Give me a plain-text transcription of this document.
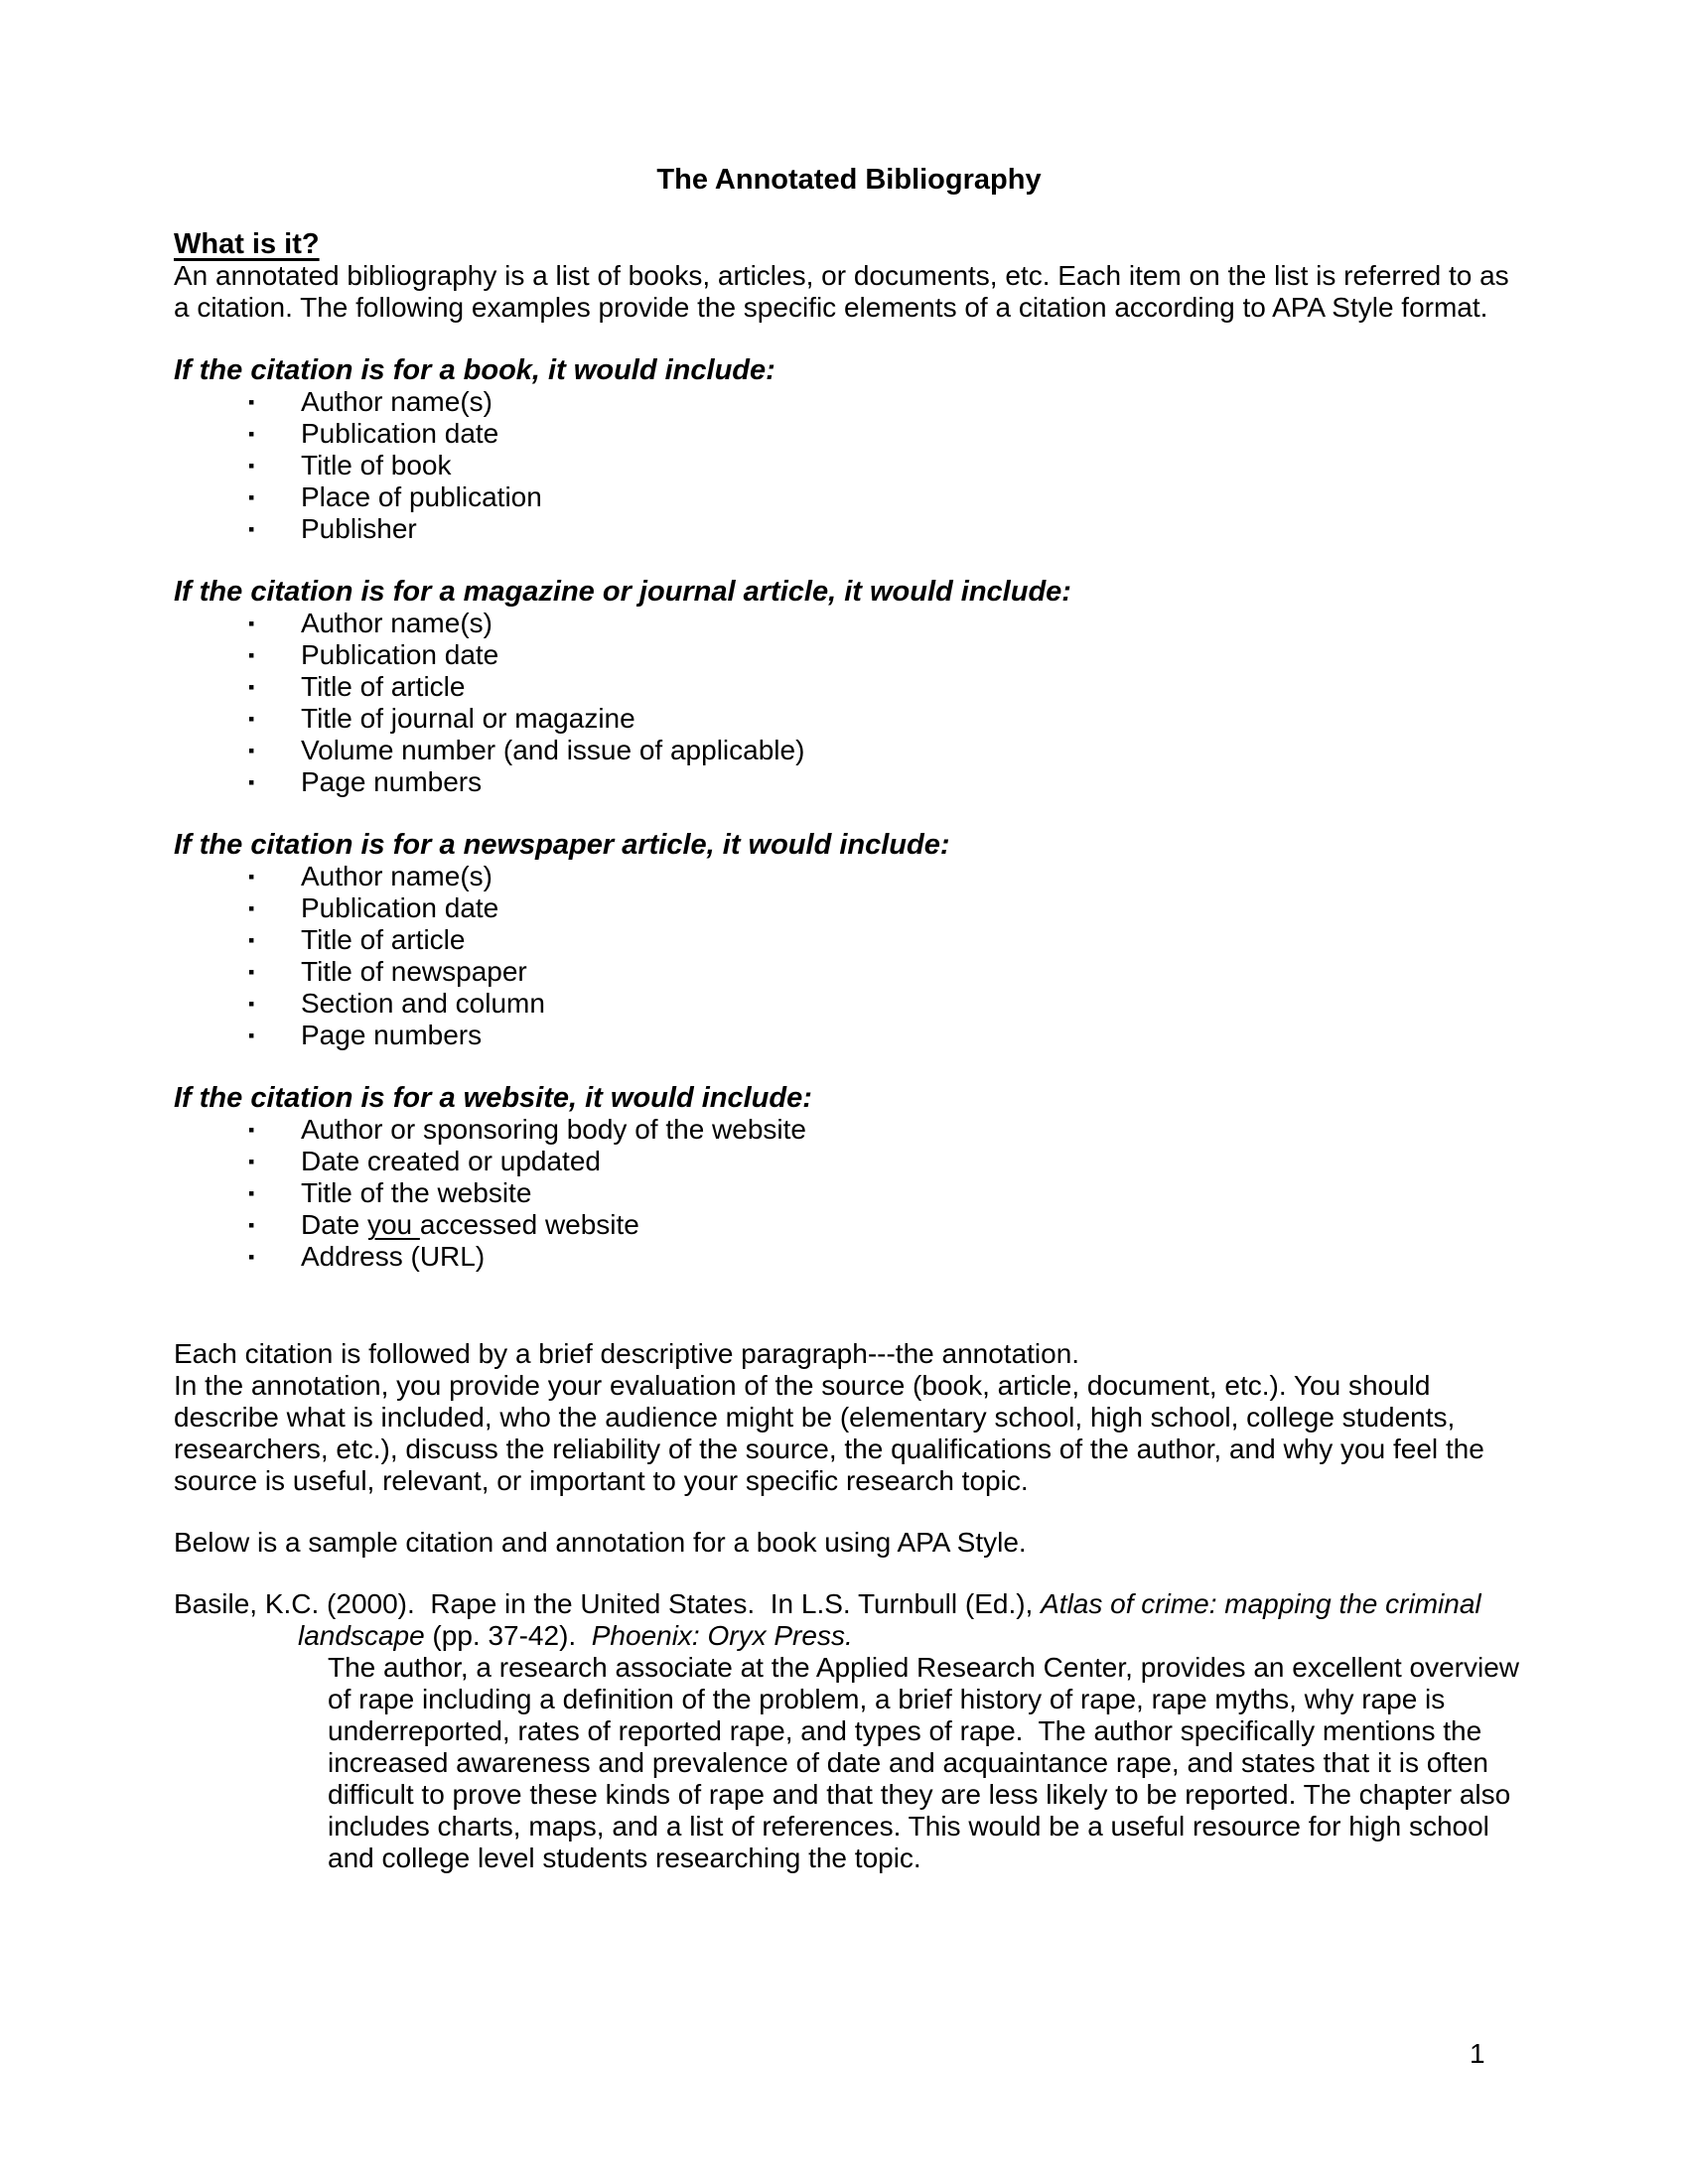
The Annotated Bibliography
What is it?

An annotated bibliography is a list of books, articles, or documents, etc. Each item on the list is referred to as a citation. The following examples provide the specific elements of a citation according to APA Style format.

If the citation is for a book, it would include:
▪ Author name(s)
▪ Publication date
▪ Title of book
▪ Place of publication
▪ Publisher
If the citation is for a magazine or journal article, it would include:
▪ Author name(s)
▪ Publication date
▪ Title of article
▪ Title of journal or magazine
▪ Volume number (and issue of applicable)
▪ Page numbers
If the citation is for a newspaper article, it would include:
▪ Author name(s)
▪ Publication date
▪ Title of article
▪ Title of newspaper
▪ Section and column
▪ Page numbers
If the citation is for a website, it would include:
▪ Author or sponsoring body of the website
▪ Date created or updated
▪ Title of the website
▪ Date you accessed website
▪ Address (URL)
Each citation is followed by a brief descriptive paragraph---the annotation.
In the annotation, you provide your evaluation of the source (book, article, document, etc.). You should describe what is included, who the audience might be (elementary school, high school, college students, researchers, etc.), discuss the reliability of the source, the qualifications of the author, and why you feel the source is useful, relevant, or important to your specific research topic.

Below is a sample citation and annotation for a book using APA Style.

Basile, K.C. (2000).  Rape in the United States.  In L.S. Turnbull (Ed.), Atlas of crime: mapping the criminal landscape (pp. 37-42).  Phoenix: Oryx Press.
The author, a research associate at the Applied Research Center, provides an excellent overview of rape including a definition of the problem, a brief history of rape, rape myths, why rape is underreported, rates of reported rape, and types of rape.  The author specifically mentions the increased awareness and prevalence of date and acquaintance rape, and states that it is often difficult to prove these kinds of rape and that they are less likely to be reported. The chapter also includes charts, maps, and a list of references. This would be a useful resource for high school and college level students researching the topic.
1
